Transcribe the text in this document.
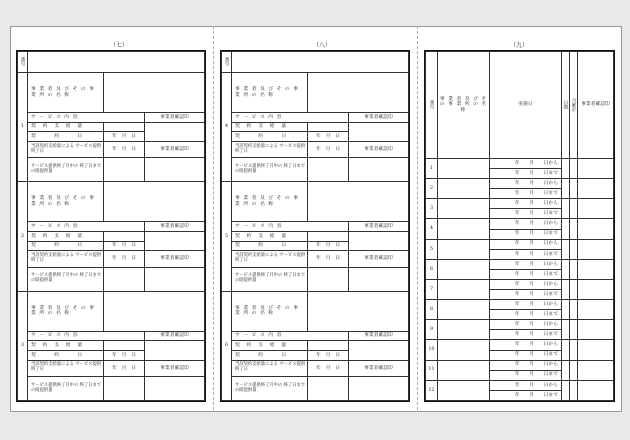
（七）
番号			

1	事 業 者 及 び そ の 事 業 所 の 名 称		
	サ ー ビ ス 内 容		事業者確認印
	契　約　支　給　量		
	契　　　約　　　日	年　月　日	
	当該契約支給量による サービス提供終了日	年　月　日	事業者確認印
	サービス提供終了月中の 終了日までの既提供量		
2	事 業 者 及 び そ の 事 業 所 の 名 称		
	サ ー ビ ス 内 容		事業者確認印
	契　約　支　給　量		
	契　　　約　　　日	年　月　日	
	当該契約支給量による サービス提供終了日	年　月　日	事業者確認印
	サービス提供終了月中の 終了日までの既提供量		
3	事 業 者 及 び そ の 事 業 所 の 名 称		
	サ ー ビ ス 内 容		事業者確認印
	契　約　支　給　量		
	契　　　約　　　日	年　月　日	
	当該契約支給量による サービス提供終了日	年　月　日	事業者確認印
	サービス提供終了月中の 終了日までの既提供量		
（八）
番号			

4	事 業 者 及 び そ の 事 業 所 の 名 称		
	サ ー ビ ス 内 容		事業者確認印
	契　約　支　給　量		
	契　　　約　　　日	年　月　日	
	当該契約支給量による サービス提供終了日	年　月　日	事業者確認印
	サービス提供終了月中の 終了日までの既提供量		
5	事 業 者 及 び そ の 事 業 所 の 名 称		
	サ ー ビ ス 内 容		事業者確認印
	契　約　支　給　量		
	契　　　約　　　日	年　月　日	
	当該契約支給量による サービス提供終了日	年　月　日	事業者確認印
	サービス提供終了月中の 終了日までの既提供量		
6	事 業 者 及 び そ の 事 業 所 の 名 称		
	サ ー ビ ス 内 容		事業者確認印
	契　約　支　給　量		
	契　　　約　　　日	年　月　日	
	当該契約支給量による サービス提供終了日	年　月　日	事業者確認印
	サービス提供終了月中の 終了日までの既提供量		
（九）
番号	事 業 者 及 び そ の 事 業 所 の 名 称	実施日	日数	月累計	事業者確認印
1		年　　月　　日から			
		年　　月　　日まで			
2		年　　月　　日から			
		年　　月　　日まで			
3		年　　月　　日から			
		年　　月　　日まで			
4		年　　月　　日から			
		年　　月　　日まで			
5		年　　月　　日から			
		年　　月　　日まで			
6		年　　月　　日から			
		年　　月　　日まで			
7		年　　月　　日から			
		年　　月　　日まで			
8		年　　月　　日から			
		年　　月　　日まで			
9		年　　月　　日から			
		年　　月　　日まで			
10		年　　月　　日から			
		年　　月　　日まで			
11		年　　月　　日から			
		年　　月　　日まで			
12		年　　月　　日から			
		年　　月　　日まで			
